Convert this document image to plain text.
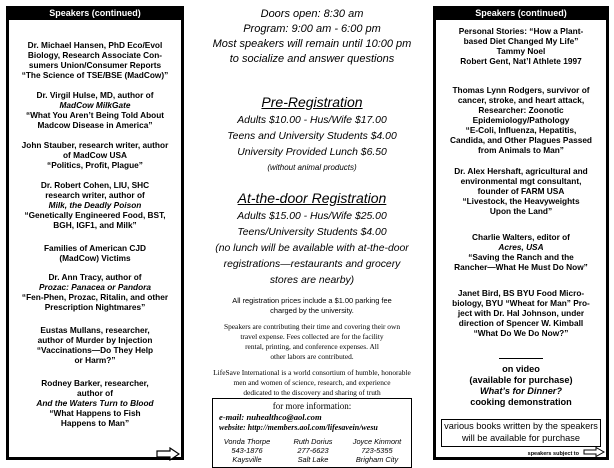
Speakers (continued)
Dr. Michael Hansen, PhD Eco/Evol
Biology, Research Associate Con-
sumers Union/Consumer Reports
“The Science of TSE/BSE (MadCow)”
Dr. Virgil Hulse, MD, author of
MadCow MilkGate
“What You Aren’t Being Told About
Madcow Disease in America”
John Stauber, research writer, author
of MadCow USA
“Politics, Profit, Plague”
Dr. Robert Cohen, LIU, SHC
research writer, author of
Milk, the Deadly Poison
“Genetically Engineered Food, BST,
BGH, IGF1, and Milk”
Families of American CJD
(MadCow) Victims
Dr. Ann Tracy, author of
Prozac: Panacea or Pandora
“Fen-Phen, Prozac, Ritalin, and other
Prescription Nightmares”
Eustas Mullans, researcher,
author of Murder by Injection
“Vaccinations—Do They Help
or Harm?”
Rodney Barker, researcher,
author of
And the Waters Turn to Blood
“What Happens to Fish
Happens to Man”
Doors open: 8:30 am
Program: 9:00 am - 6:00 pm
Most speakers will remain until 10:00 pm
to socialize and answer questions
Pre-Registration
Adults $10.00 - Hus/Wife $17.00
Teens and University Students $4.00
University Provided Lunch $6.50
(without animal products)
At-the-door Registration
Adults $15.00 - Hus/Wife $25.00
Teens/University Students $4.00
(no lunch will be available with at-the-door
registrations—restaurants and grocery
stores are nearby)
All registration prices include a $1.00 parking fee
charged by the university.
Speakers are contributing their time and covering their own
travel expense. Fees collected are for the facility
rental, printing, and conference expenses. All
other labors are contributed.
LifeSave International is a world consortium of humble, honorable
men and women of science, research, and experience
dedicated to the discovery and sharing of truth
for more information:
e-mail: nuhealthco@aol.com
website: http://members.aol.com/lifesavein/wesu
Vonda Thorpe
543-1876
Kaysville
Ruth Dorius
277-6623
Salt Lake
Joyce Kinmont
723-5355
Brigham City
Speakers (continued)
Personal Stories: “How a Plant-
based Diet Changed My Life”
Tammy Noel
Robert Gent, Nat’l Athlete 1997
Thomas Lynn Rodgers, survivor of
cancer, stroke, and heart attack,
Researcher: Zoonotic
Epidemiology/Pathology
“E-Coli, Influenza, Hepatitis,
Candida, and Other Plagues Passed
from Animals to Man”
Dr. Alex Hershaft, agricultural and
environmental mgt consultant,
founder of FARM USA
“Livestock, the Heavyweights
Upon the Land”
Charlie Walters, editor of
Acres, USA
“Saving the Ranch and the
Rancher—What He Must Do Now”
Janet Bird, BS BYU Food Micro-
biology, BYU “Wheat for Man” Pro-
ject with Dr. Hal Johnson, under
direction of Spencer W. Kimball
“What Do We Do Now?”
on video
(available for purchase)
What’s for Dinner?
cooking demonstration
various books written by the speakers
will be available for purchase
speakers subject to
